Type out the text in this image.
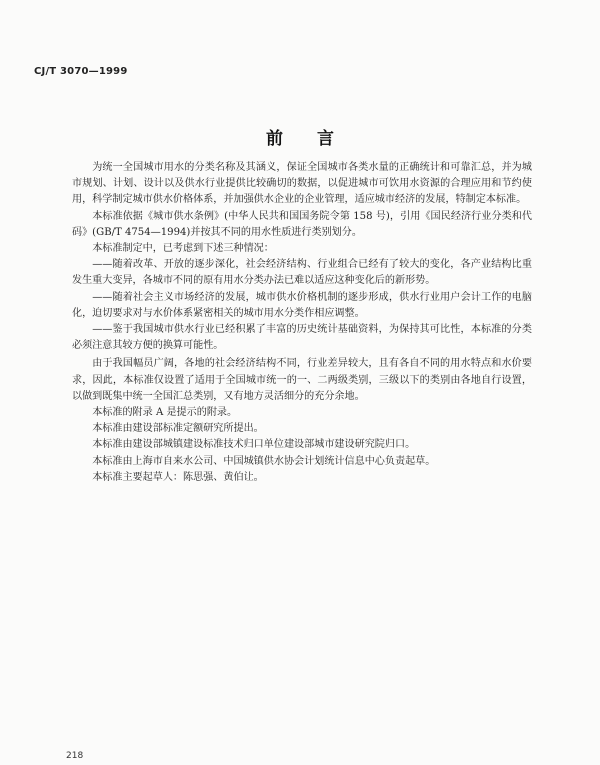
CJ/T 3070—1999
前　　言

为统一全国城市用水的分类名称及其涵义，保证全国城市各类水量的正确统计和可靠汇总，并为城市规划、计划、设计以及供水行业提供比较确切的数据，以促进城市可饮用水资源的合理应用和节约使用，科学制定城市供水价格体系，并加强供水企业的企业管理，适应城市经济的发展，特制定本标准。

本标准依据《城市供水条例》(中华人民共和国国务院令第 158 号)，引用《国民经济行业分类和代码》(GB/T 4754—1994)并按其不同的用水性质进行类别划分。

本标准制定中，已考虑到下述三种情况：

——随着改革、开放的逐步深化，社会经济结构、行业组合已经有了较大的变化，各产业结构比重发生重大变异，各城市不同的原有用水分类办法已难以适应这种变化后的新形势。

——随着社会主义市场经济的发展，城市供水价格机制的逐步形成，供水行业用户会计工作的电脑化，迫切要求对与水价体系紧密相关的城市用水分类作相应调整。

——鉴于我国城市供水行业已经积累了丰富的历史统计基础资料，为保持其可比性，本标准的分类必须注意其较方便的换算可能性。

由于我国幅员广阔，各地的社会经济结构不同，行业差异较大，且有各自不同的用水特点和水价要求，因此，本标准仅设置了适用于全国城市统一的一、二两级类别，三级以下的类别由各地自行设置，以做到既集中统一全国汇总类别，又有地方灵活细分的充分余地。

本标准的附录 A 是提示的附录。

本标准由建设部标准定额研究所提出。

本标准由建设部城镇建设标准技术归口单位建设部城市建设研究院归口。

本标准由上海市自来水公司、中国城镇供水协会计划统计信息中心负责起草。

本标准主要起草人：陈思强、黄伯让。

218
